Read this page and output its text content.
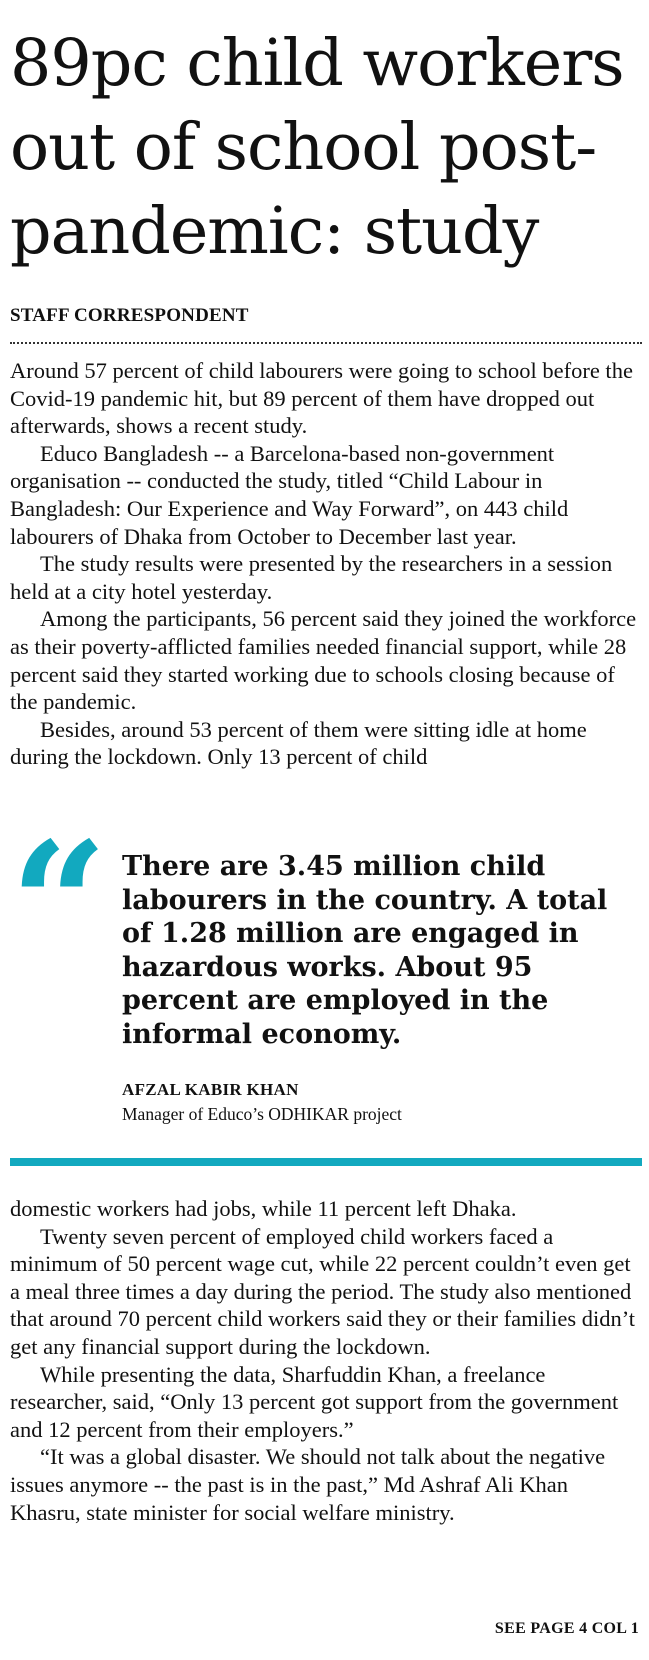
89pc child workers out of school post-pandemic: study
STAFF CORRESPONDENT

Around 57 percent of child labourers were going to school before the Covid-19 pandemic hit, but 89 percent of them have dropped out afterwards, shows a recent study.

Educo Bangladesh -- a Barcelona-based non-government organisation -- conducted the study, titled “Child Labour in Bangladesh: Our Experience and Way Forward”, on 443 child labourers of Dhaka from October to December last year.

The study results were presented by the researchers in a session held at a city hotel yesterday.

Among the participants, 56 percent said they joined the workforce as their poverty-afflicted families needed financial support, while 28 percent said they started working due to schools closing because of the pandemic.

Besides, around 53 percent of them were sitting idle at home during the lockdown. Only 13 percent of child

“ There are 3.45 million child labourers in the country. A total of 1.28 million are engaged in hazardous works. About 95 percent are employed in the informal economy.

AFZAL KABIR KHAN
Manager of Educo’s ODHIKAR project

domestic workers had jobs, while 11 percent left Dhaka.

Twenty seven percent of employed child workers faced a minimum of 50 percent wage cut, while 22 percent couldn’t even get a meal three times a day during the period. The study also mentioned that around 70 percent child workers said they or their families didn’t get any financial support during the lockdown.

While presenting the data, Sharfuddin Khan, a freelance researcher, said, “Only 13 percent got support from the government and 12 percent from their employers.”

“It was a global disaster. We should not talk about the negative issues anymore -- the past is in the past,” Md Ashraf Ali Khan Khasru, state minister for social welfare ministry.

SEE PAGE 4 COL 1
